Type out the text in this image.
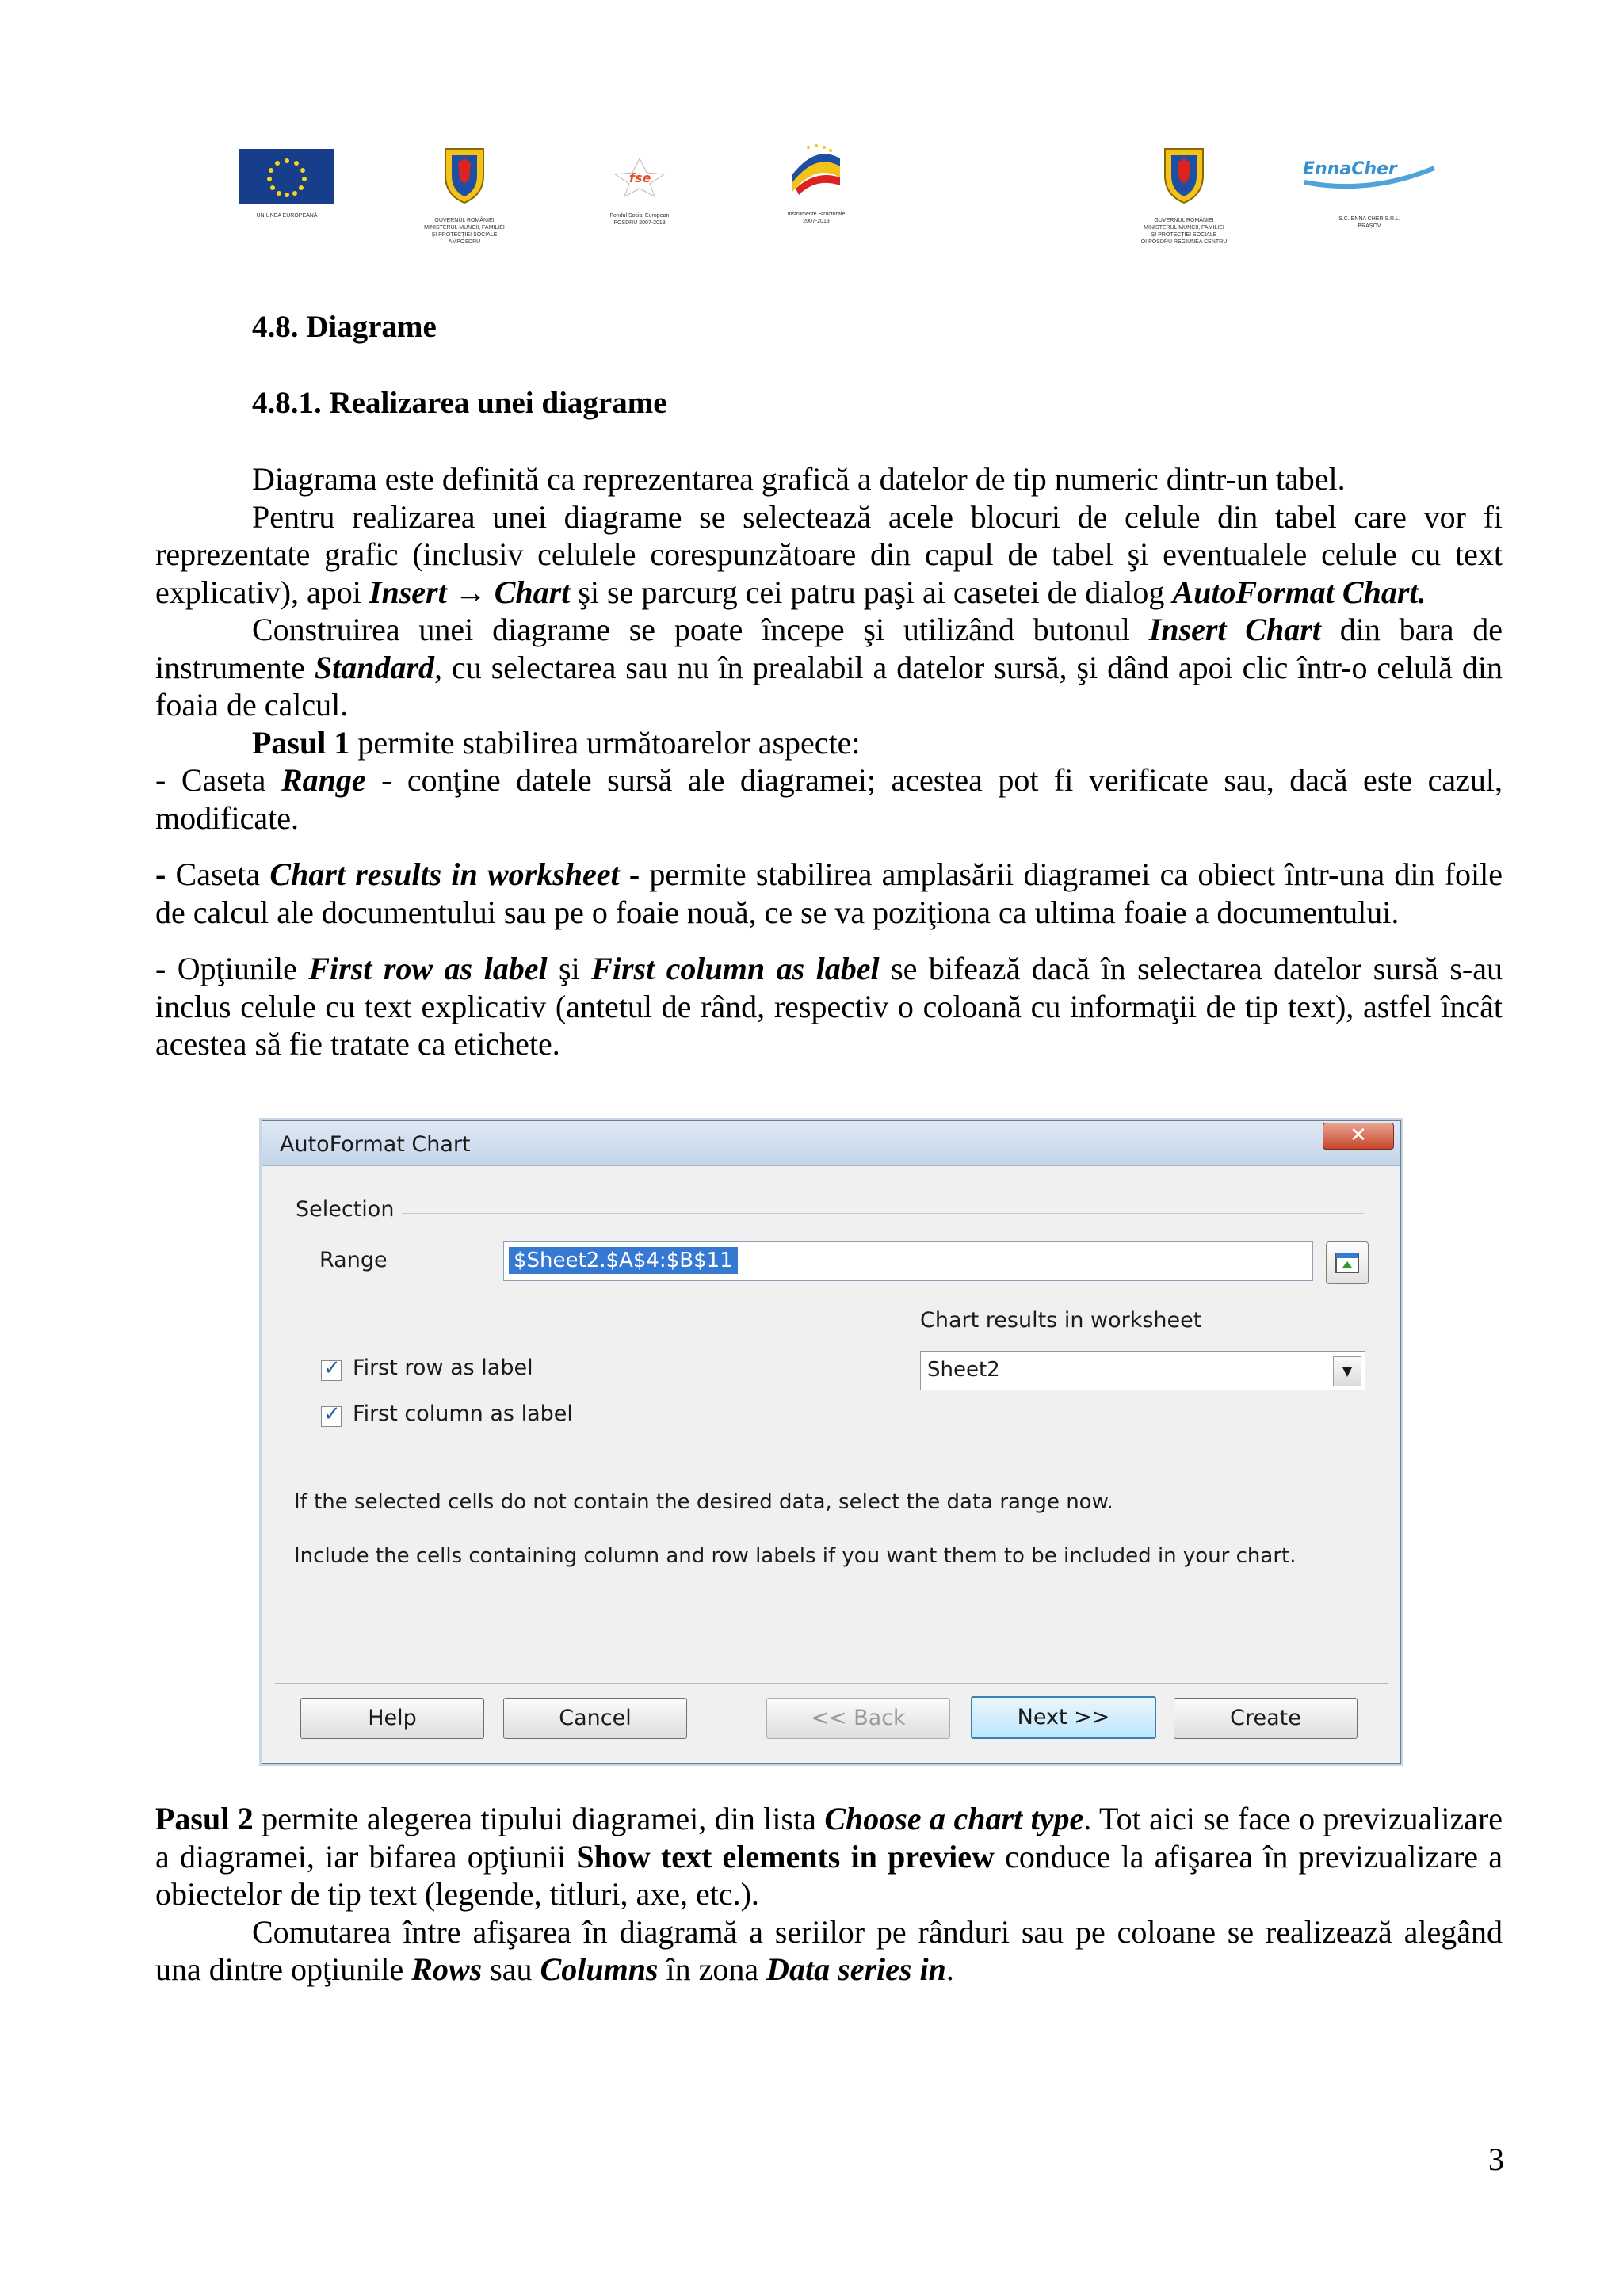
UNIUNEA EUROPEANĂ
GUVERNUL ROMÂNIEI
MINISTERUL MUNCII, FAMILIEI
ȘI PROTECȚIEI SOCIALE
AMPOSDRU
fse
Fondul Social European
POSDRU 2007-2013
Instrumente Structurale
2007-2013	GUVERNUL ROMÂNIEI
MINISTERUL MUNCII, FAMILIEI
ȘI PROTECȚIEI SOCIALE
OI POSDRU REGIUNEA CENTRU
EnnaCher
S.C. ENNA CHER S.R.L.
BRAȘOV
4.8. Diagrame
4.8.1. Realizarea unei diagrame

Diagrama este definită ca reprezentarea grafică a datelor de tip numeric dintr-un tabel.

Pentru realizarea unei diagrame se selectează acele blocuri de celule din tabel care vor fi reprezentate grafic (inclusiv celulele corespunzătoare din capul de tabel şi eventualele celule cu text explicativ), apoi Insert → Chart şi se parcurg cei patru paşi ai casetei de dialog AutoFormat Chart.

Construirea unei diagrame se poate începe şi utilizând butonul Insert Chart din bara de instrumente Standard, cu selectarea sau nu în prealabil a datelor sursă, şi dând apoi clic într-o celulă din foaia de calcul.

Pasul 1 permite stabilirea următoarelor aspecte:

- Caseta Range - conţine datele sursă ale diagramei; acestea pot fi verificate sau, dacă este cazul, modificate.

- Caseta Chart results in worksheet - permite stabilirea amplasării diagramei ca obiect într-una din foile de calcul ale documentului sau pe o foaie nouă, ce se va poziţiona ca ultima foaie a documentului.

- Opţiunile First row as label şi First column as label se bifează dacă în selectarea datelor sursă s-au inclus celule cu text explicativ (antetul de rând, respectiv o coloană cu informaţii de tip text), astfel încât acestea să fie tratate ca etichete.

AutoFormat Chart	✕
Selection
Range	$Sheet2.$A$4:$B$11
✓
First row as label
✓
First column as label
Chart results in worksheet
Sheet2	▼
If the selected cells do not contain the desired data, select the data range now.
Include the cells containing column and row labels if you want them to be included in your chart.
Help	Cancel	<< Back	Next >>	Create

Pasul 2 permite alegerea tipului diagramei, din lista Choose a chart type. Tot aici se face o previzualizare a diagramei, iar bifarea opţiunii Show text elements in preview conduce la afişarea în previzualizare a obiectelor de tip text (legende, titluri, axe, etc.).

Comutarea între afişarea în diagramă a seriilor pe rânduri sau pe coloane se realizează alegând una dintre opţiunile Rows sau Columns în zona Data series in.

3
